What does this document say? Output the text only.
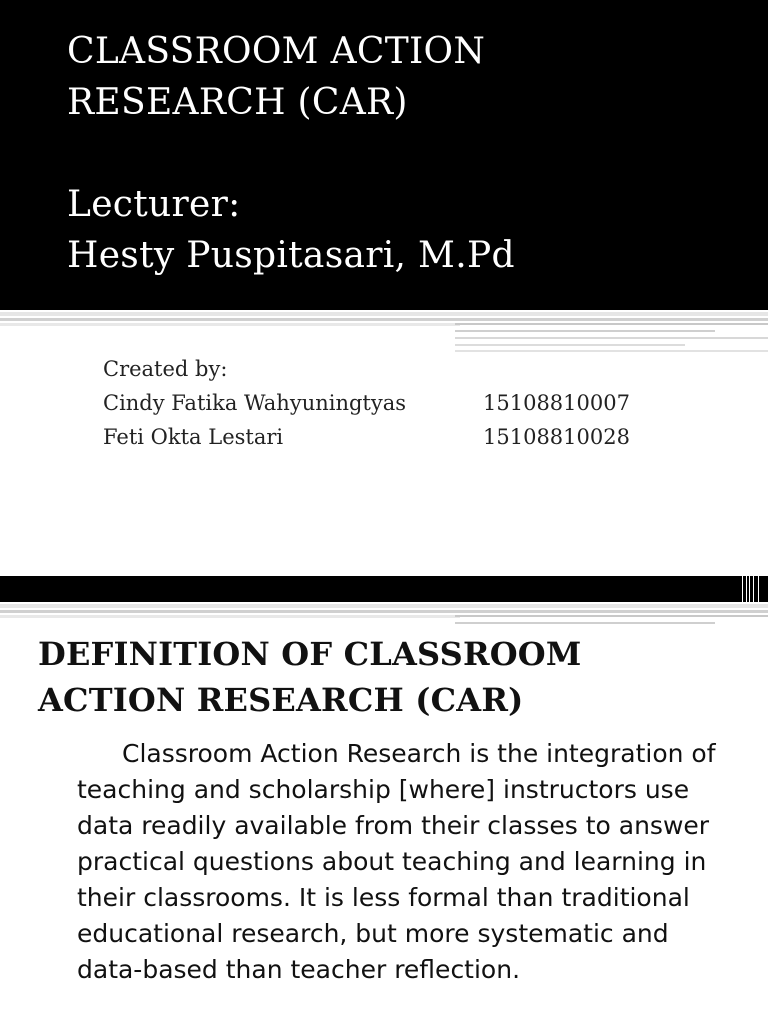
CLASSROOM ACTION
RESEARCH (CAR)
Lecturer:
Hesty Puspitasari, M.Pd
Created by:
Cindy Fatika Wahyuningtyas	15108810007
Feti Okta Lestari	15108810028
DEFINITION OF CLASSROOM
ACTION RESEARCH (CAR)
Classroom Action Research is the integration of teaching and scholarship [where] instructors use data readily available from their classes to answer practical questions about teaching and learning in their classrooms. It is less formal than traditional educational research, but more systematic and data-based than teacher reflection.
